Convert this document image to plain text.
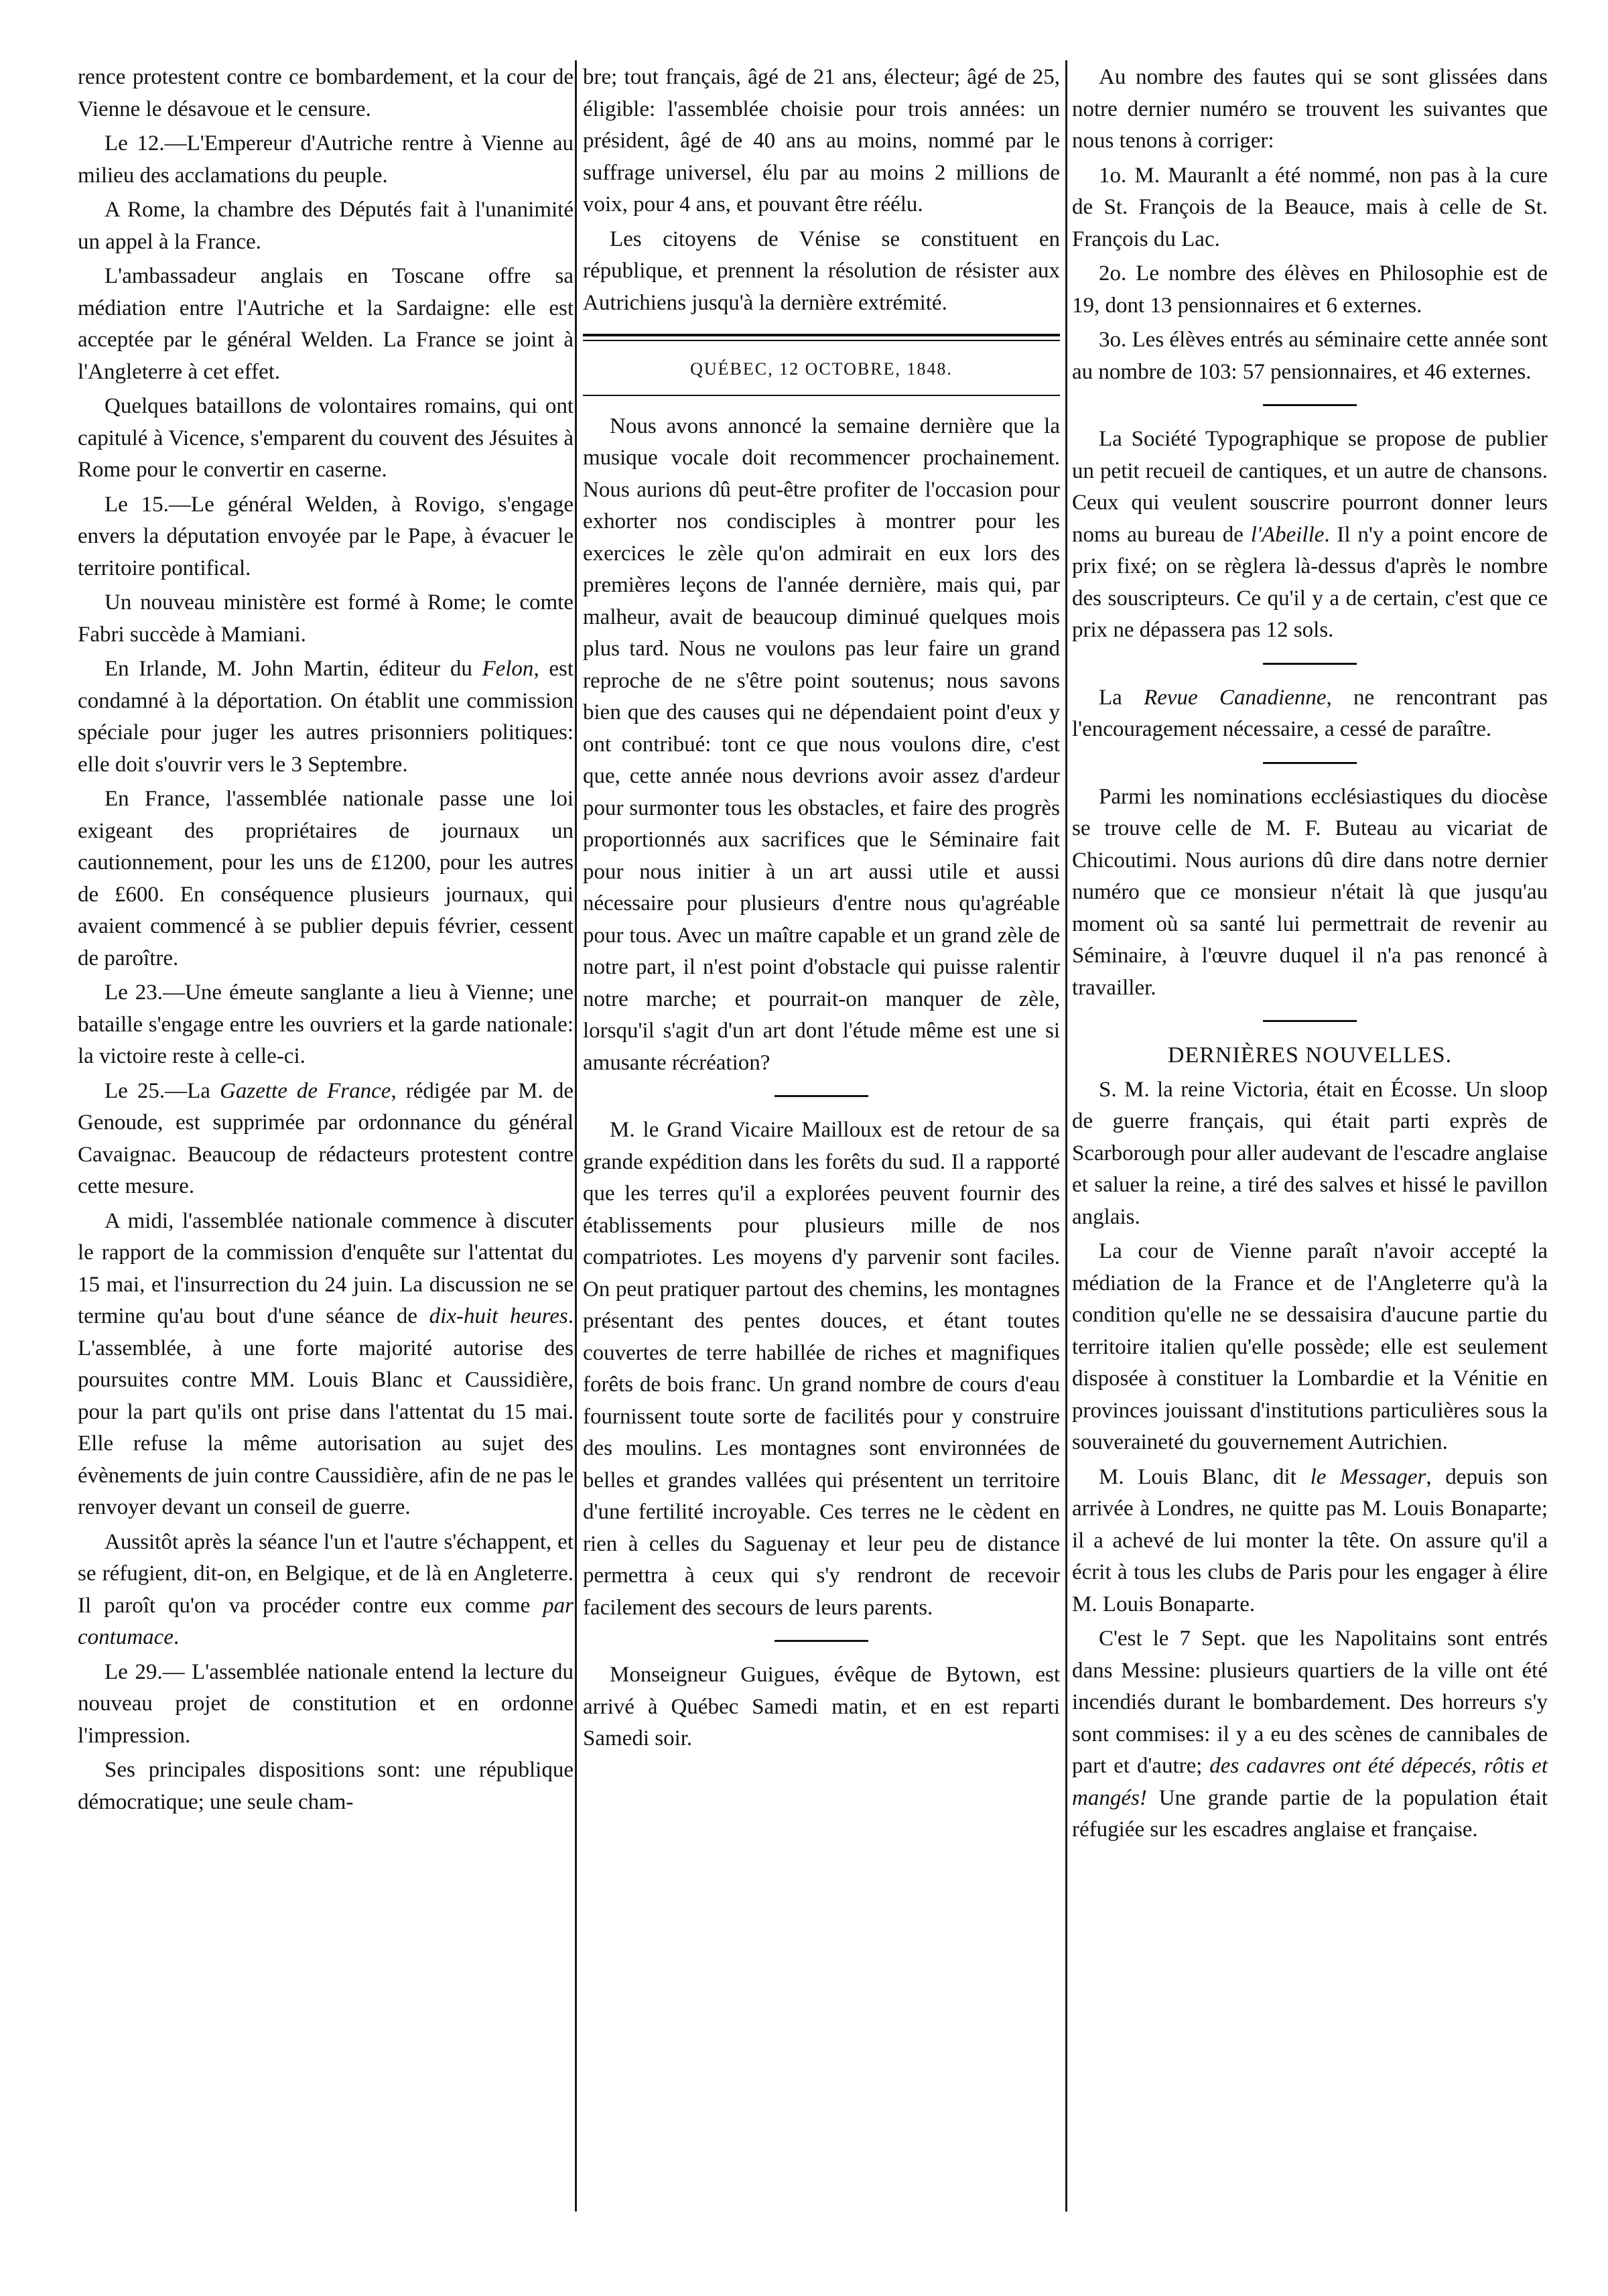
rence protestent contre ce bombardement, et la cour de Vienne le désavoue et le censure.

Le 12.—L'Empereur d'Autriche rentre à Vienne au milieu des acclamations du peuple.

A Rome, la chambre des Députés fait à l'unanimité un appel à la France.

L'ambassadeur anglais en Toscane offre sa médiation entre l'Autriche et la Sardaigne: elle est acceptée par le général Welden. La France se joint à l'Angleterre à cet effet.

Quelques bataillons de volontaires romains, qui ont capitulé à Vicence, s'emparent du couvent des Jésuites à Rome pour le convertir en caserne.

Le 15.—Le général Welden, à Rovigo, s'engage envers la députation envoyée par le Pape, à évacuer le territoire pontifical.

Un nouveau ministère est formé à Rome; le comte Fabri succède à Mamiani.

En Irlande, M. John Martin, éditeur du Felon, est condamné à la déportation. On établit une commission spéciale pour juger les autres prisonniers politiques: elle doit s'ouvrir vers le 3 Septembre.

En France, l'assemblée nationale passe une loi exigeant des propriétaires de journaux un cautionnement, pour les uns de £1200, pour les autres de £600. En conséquence plusieurs journaux, qui avaient commencé à se publier depuis février, cessent de paroître.

Le 23.—Une émeute sanglante a lieu à Vienne; une bataille s'engage entre les ouvriers et la garde nationale: la victoire reste à celle-ci.

Le 25.—La Gazette de France, rédigée par M. de Genoude, est supprimée par ordonnance du général Cavaignac. Beaucoup de rédacteurs protestent contre cette mesure.

A midi, l'assemblée nationale commence à discuter le rapport de la commission d'enquête sur l'attentat du 15 mai, et l'insurrection du 24 juin. La discussion ne se termine qu'au bout d'une séance de dix-huit heures. L'assemblée, à une forte majorité autorise des poursuites contre MM. Louis Blanc et Caussidière, pour la part qu'ils ont prise dans l'attentat du 15 mai. Elle refuse la même autorisation au sujet des évènements de juin contre Caussidière, afin de ne pas le renvoyer devant un conseil de guerre.

Aussitôt après la séance l'un et l'autre s'échappent, et se réfugient, dit-on, en Belgique, et de là en Angleterre. Il paroît qu'on va procéder contre eux comme par contumace.

Le 29.— L'assemblée nationale entend la lecture du nouveau projet de constitution et en ordonne l'impression.

Ses principales dispositions sont: une république démocratique; une seule cham-

bre; tout français, âgé de 21 ans, électeur; âgé de 25, éligible: l'assemblée choisie pour trois années: un président, âgé de 40 ans au moins, nommé par le suffrage universel, élu par au moins 2 millions de voix, pour 4 ans, et pouvant être réélu.

Les citoyens de Vénise se constituent en république, et prennent la résolution de résister aux Autrichiens jusqu'à la dernière extrémité.

QUÉBEC, 12 OCTOBRE, 1848.

Nous avons annoncé la semaine dernière que la musique vocale doit recommencer prochainement. Nous aurions dû peut-être profiter de l'occasion pour exhorter nos condisciples à montrer pour les exercices le zèle qu'on admirait en eux lors des premières leçons de l'année dernière, mais qui, par malheur, avait de beaucoup diminué quelques mois plus tard. Nous ne voulons pas leur faire un grand reproche de ne s'être point soutenus; nous savons bien que des causes qui ne dépendaient point d'eux y ont contribué: tont ce que nous voulons dire, c'est que, cette année nous devrions avoir assez d'ardeur pour surmonter tous les obstacles, et faire des progrès proportionnés aux sacrifices que le Séminaire fait pour nous initier à un art aussi utile et aussi nécessaire pour plusieurs d'entre nous qu'agréable pour tous. Avec un maître capable et un grand zèle de notre part, il n'est point d'obstacle qui puisse ralentir notre marche; et pourrait-on manquer de zèle, lorsqu'il s'agit d'un art dont l'étude même est une si amusante récréation?

M. le Grand Vicaire Mailloux est de retour de sa grande expédition dans les forêts du sud. Il a rapporté que les terres qu'il a explorées peuvent fournir des établissements pour plusieurs mille de nos compatriotes. Les moyens d'y parvenir sont faciles. On peut pratiquer partout des chemins, les montagnes présentant des pentes douces, et étant toutes couvertes de terre habillée de riches et magnifiques forêts de bois franc. Un grand nombre de cours d'eau fournissent toute sorte de facilités pour y construire des moulins. Les montagnes sont environnées de belles et grandes vallées qui présentent un territoire d'une fertilité incroyable. Ces terres ne le cèdent en rien à celles du Saguenay et leur peu de distance permettra à ceux qui s'y rendront de recevoir facilement des secours de leurs parents.

Monseigneur Guigues, évêque de Bytown, est arrivé à Québec Samedi matin, et en est reparti Samedi soir.

Au nombre des fautes qui se sont glissées dans notre dernier numéro se trouvent les suivantes que nous tenons à corriger:

1o. M. Mauranlt a été nommé, non pas à la cure de St. François de la Beauce, mais à celle de St. François du Lac.

2o. Le nombre des élèves en Philosophie est de 19, dont 13 pensionnaires et 6 externes.

3o. Les élèves entrés au séminaire cette année sont au nombre de 103: 57 pensionnaires, et 46 externes.

La Société Typographique se propose de publier un petit recueil de cantiques, et un autre de chansons. Ceux qui veulent souscrire pourront donner leurs noms au bureau de l'Abeille. Il n'y a point encore de prix fixé; on se règlera là-dessus d'après le nombre des souscripteurs. Ce qu'il y a de certain, c'est que ce prix ne dépassera pas 12 sols.

La Revue Canadienne, ne rencontrant pas l'encouragement nécessaire, a cessé de paraître.

Parmi les nominations ecclésiastiques du diocèse se trouve celle de M. F. Buteau au vicariat de Chicoutimi. Nous aurions dû dire dans notre dernier numéro que ce monsieur n'était là que jusqu'au moment où sa santé lui permettrait de revenir au Séminaire, à l'œuvre duquel il n'a pas renoncé à travailler.

DERNIÈRES NOUVELLES.

S. M. la reine Victoria, était en Écosse. Un sloop de guerre français, qui était parti exprès de Scarborough pour aller audevant de l'escadre anglaise et saluer la reine, a tiré des salves et hissé le pavillon anglais.

La cour de Vienne paraît n'avoir accepté la médiation de la France et de l'Angleterre qu'à la condition qu'elle ne se dessaisira d'aucune partie du territoire italien qu'elle possède; elle est seulement disposée à constituer la Lombardie et la Vénitie en provinces jouissant d'institutions particulières sous la souveraineté du gouvernement Autrichien.

M. Louis Blanc, dit le Messager, depuis son arrivée à Londres, ne quitte pas M. Louis Bonaparte; il a achevé de lui monter la tête. On assure qu'il a écrit à tous les clubs de Paris pour les engager à élire M. Louis Bonaparte.

C'est le 7 Sept. que les Napolitains sont entrés dans Messine: plusieurs quartiers de la ville ont été incendiés durant le bombardement. Des horreurs s'y sont commises: il y a eu des scènes de cannibales de part et d'autre; des cadavres ont été dépecés, rôtis et mangés! Une grande partie de la population était réfugiée sur les escadres anglaise et française.
